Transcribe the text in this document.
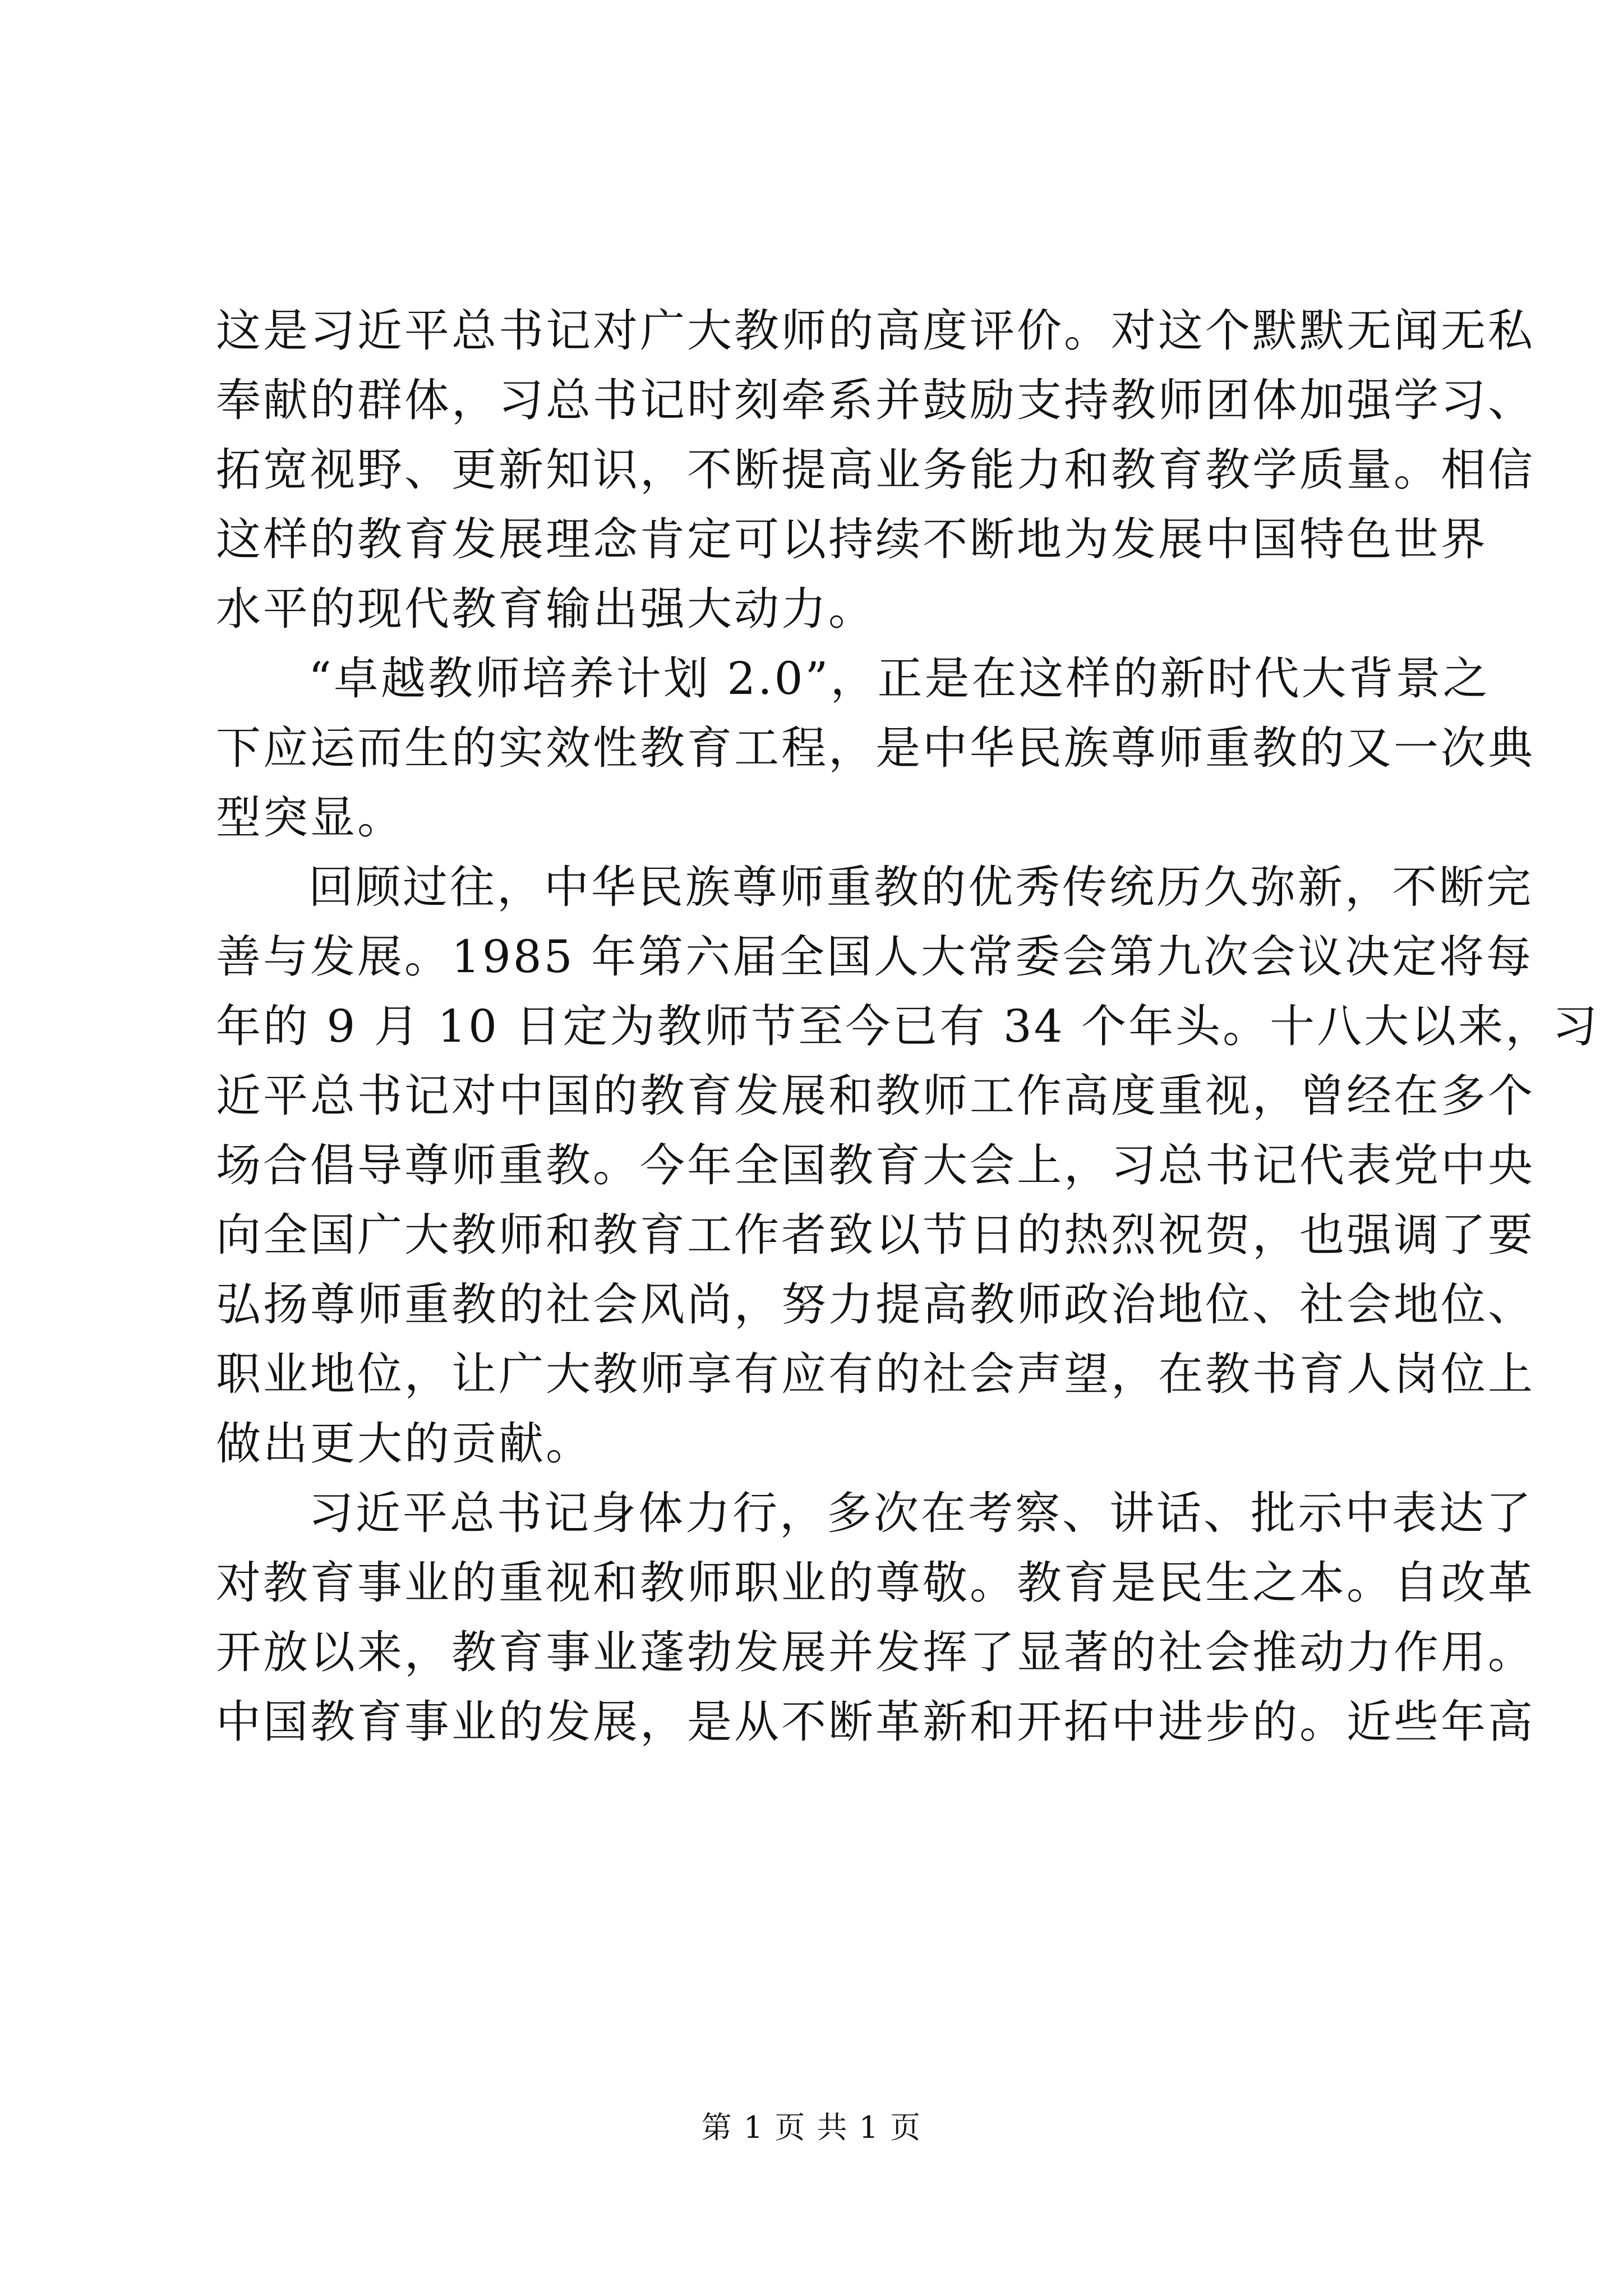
这是习近平总书记对广大教师的高度评价。对这个默默无闻无私
奉献的群体，习总书记时刻牵系并鼓励支持教师团体加强学习、
拓宽视野、更新知识，不断提高业务能力和教育教学质量。相信
这样的教育发展理念肯定可以持续不断地为发展中国特色世界
水平的现代教育输出强大动力。
“卓越教师培养计划 2.0”，正是在这样的新时代大背景之
下应运而生的实效性教育工程，是中华民族尊师重教的又一次典
型突显。
回顾过往，中华民族尊师重教的优秀传统历久弥新，不断完
善与发展。1985 年第六届全国人大常委会第九次会议决定将每
年的 9 月 10 日定为教师节至今已有 34 个年头。十八大以来，习
近平总书记对中国的教育发展和教师工作高度重视，曾经在多个
场合倡导尊师重教。今年全国教育大会上，习总书记代表党中央
向全国广大教师和教育工作者致以节日的热烈祝贺，也强调了要
弘扬尊师重教的社会风尚，努力提高教师政治地位、社会地位、
职业地位，让广大教师享有应有的社会声望，在教书育人岗位上
做出更大的贡献。
习近平总书记身体力行，多次在考察、讲话、批示中表达了
对教育事业的重视和教师职业的尊敬。教育是民生之本。自改革
开放以来，教育事业蓬勃发展并发挥了显著的社会推动力作用。
中国教育事业的发展，是从不断革新和开拓中进步的。近些年高
第 1 页 共 1 页
